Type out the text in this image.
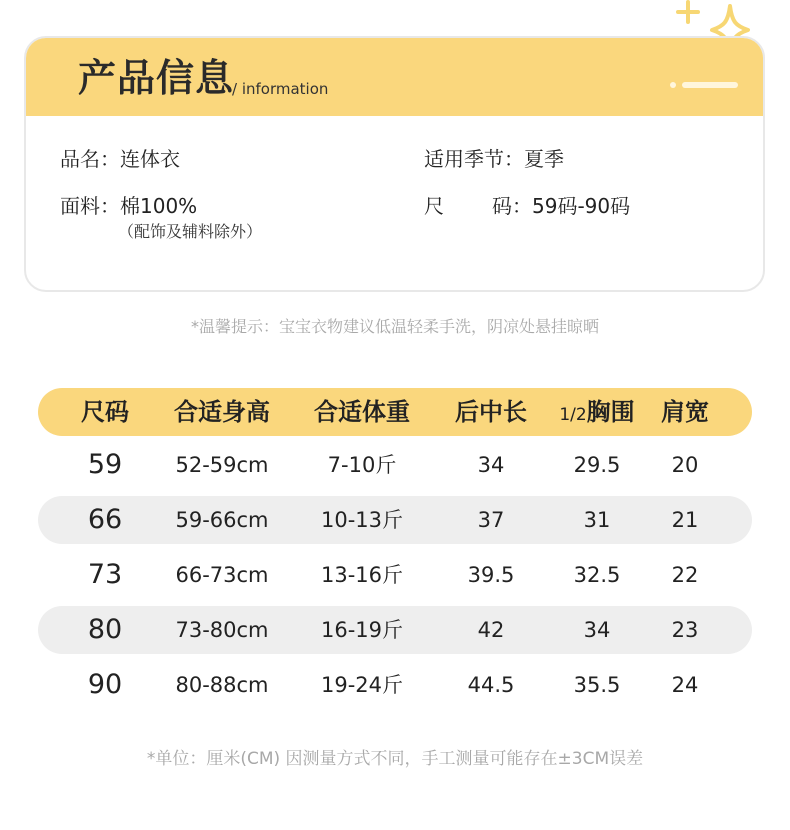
产品信息
/ information
品名：连体衣	适用季节：夏季
面料：棉100%
（配饰及辅料除外）
尺 码：59码-90码
*温馨提示：宝宝衣物建议低温轻柔手洗，阴凉处悬挂晾晒
尺码 合适身高 合适体重 后中长 1/2胸围 肩宽
59	52-59cm	7-10斤	34	29.5 20
66	59-66cm 10-13斤	37	31	21
73	66-73cm 13-16斤	39.5	32.5 22
80	73-80cm 16-19斤	42	34	23
90	80-88cm 19-24斤	44.5	35.5 24
*单位：厘米(CM) 因测量方式不同，手工测量可能存在±3CM误差
